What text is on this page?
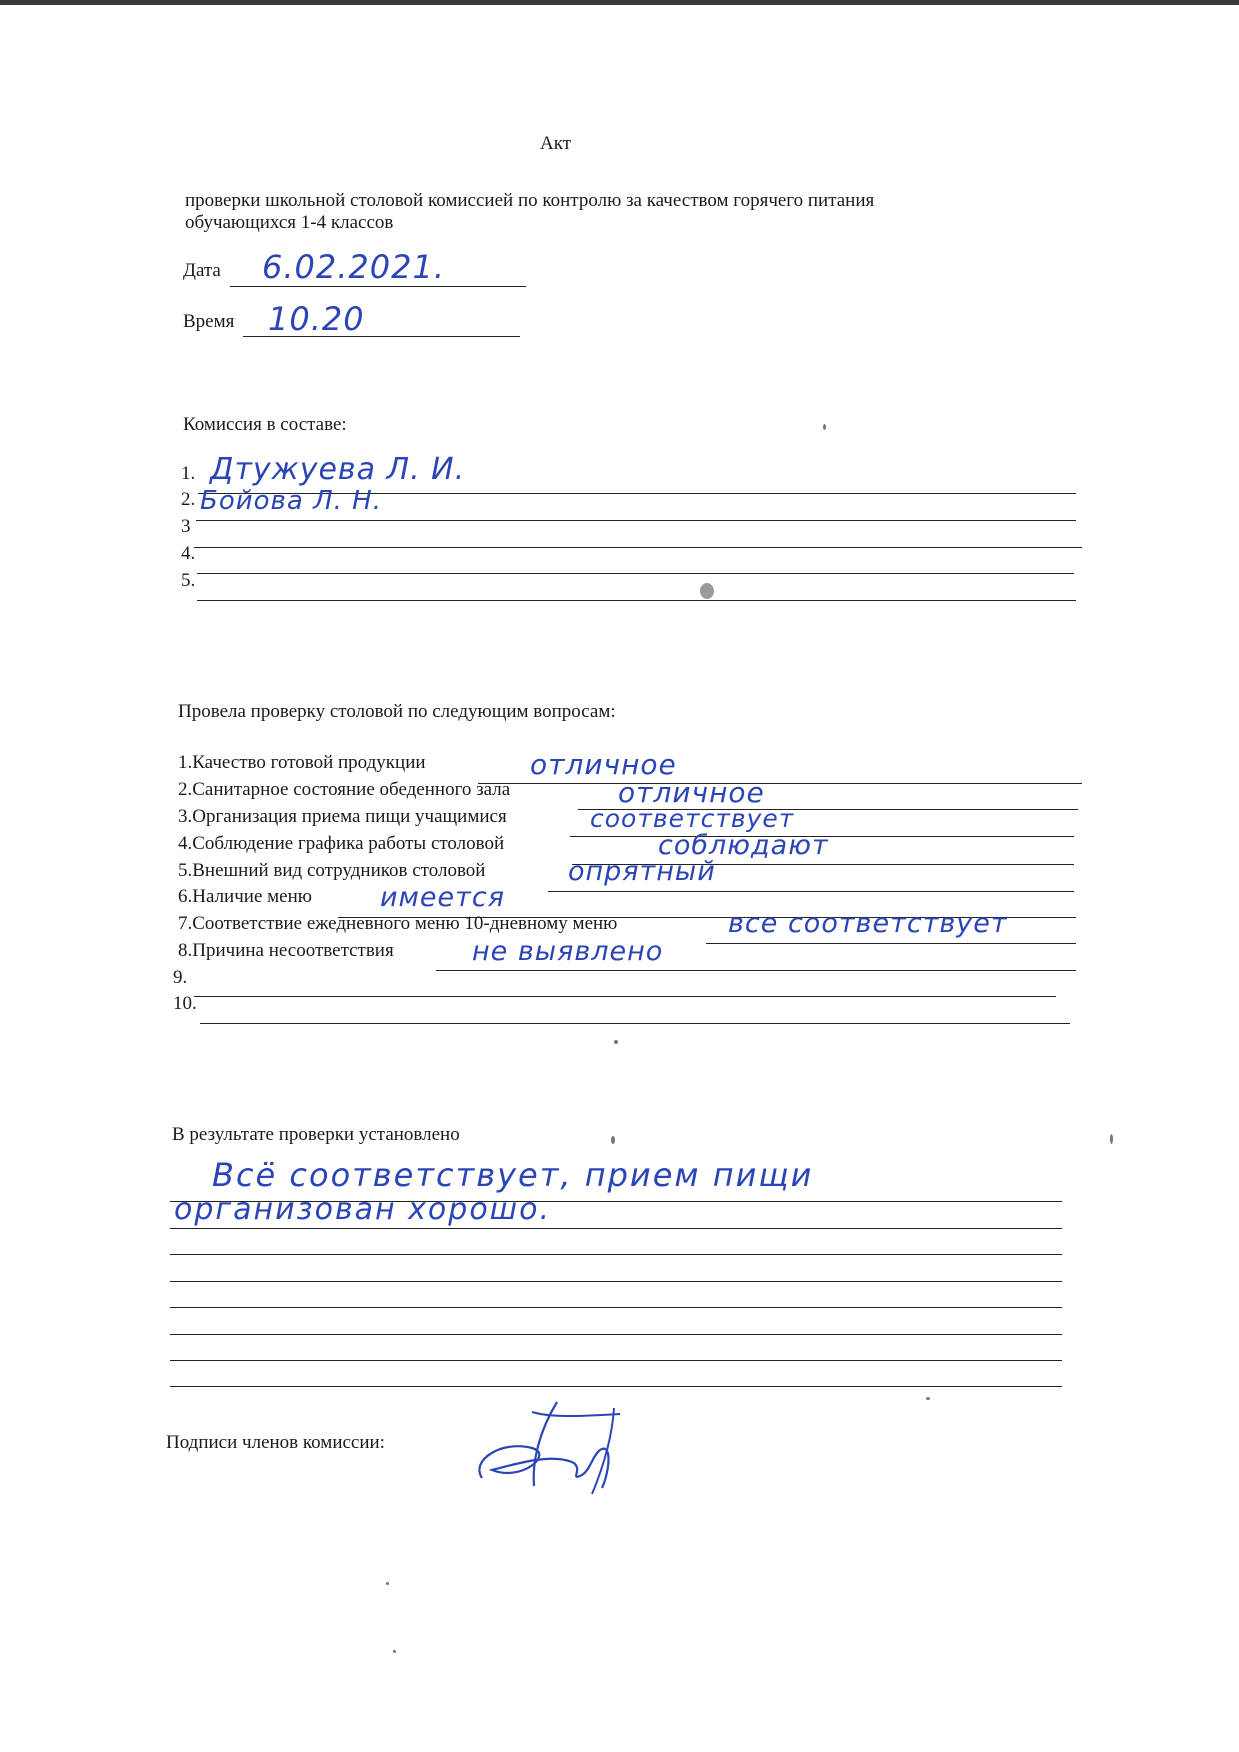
Акт
проверки школьной столовой комиссией по контролю за качеством горячего питания
обучающихся 1-4 классов
Дата 6.02.2021.
Время 10.20
Комиссия в составе:
1. Дтужуева Л. И.
2. Бойова Л. Н.
3
4.
5.
Провела проверку столовой по следующим вопросам:
1.Качество готовой продукции	отличное
2.Санитарное состояние обеденного зала	отличное
3.Организация приема пищи учащимися	соответствует
4.Соблюдение графика работы столовой	соблюдают
5.Внешний вид сотрудников столовой	опрятный
6.Наличие меню	имеется
7.Соответствие ежедневного меню 10-дневному меню	все соответствует
8.Причина несоответствия	не выявлено
9.
10.
В результате проверки установлено
Всё соответствует, прием пищи
организован хорошо.
Подписи членов комиссии:
